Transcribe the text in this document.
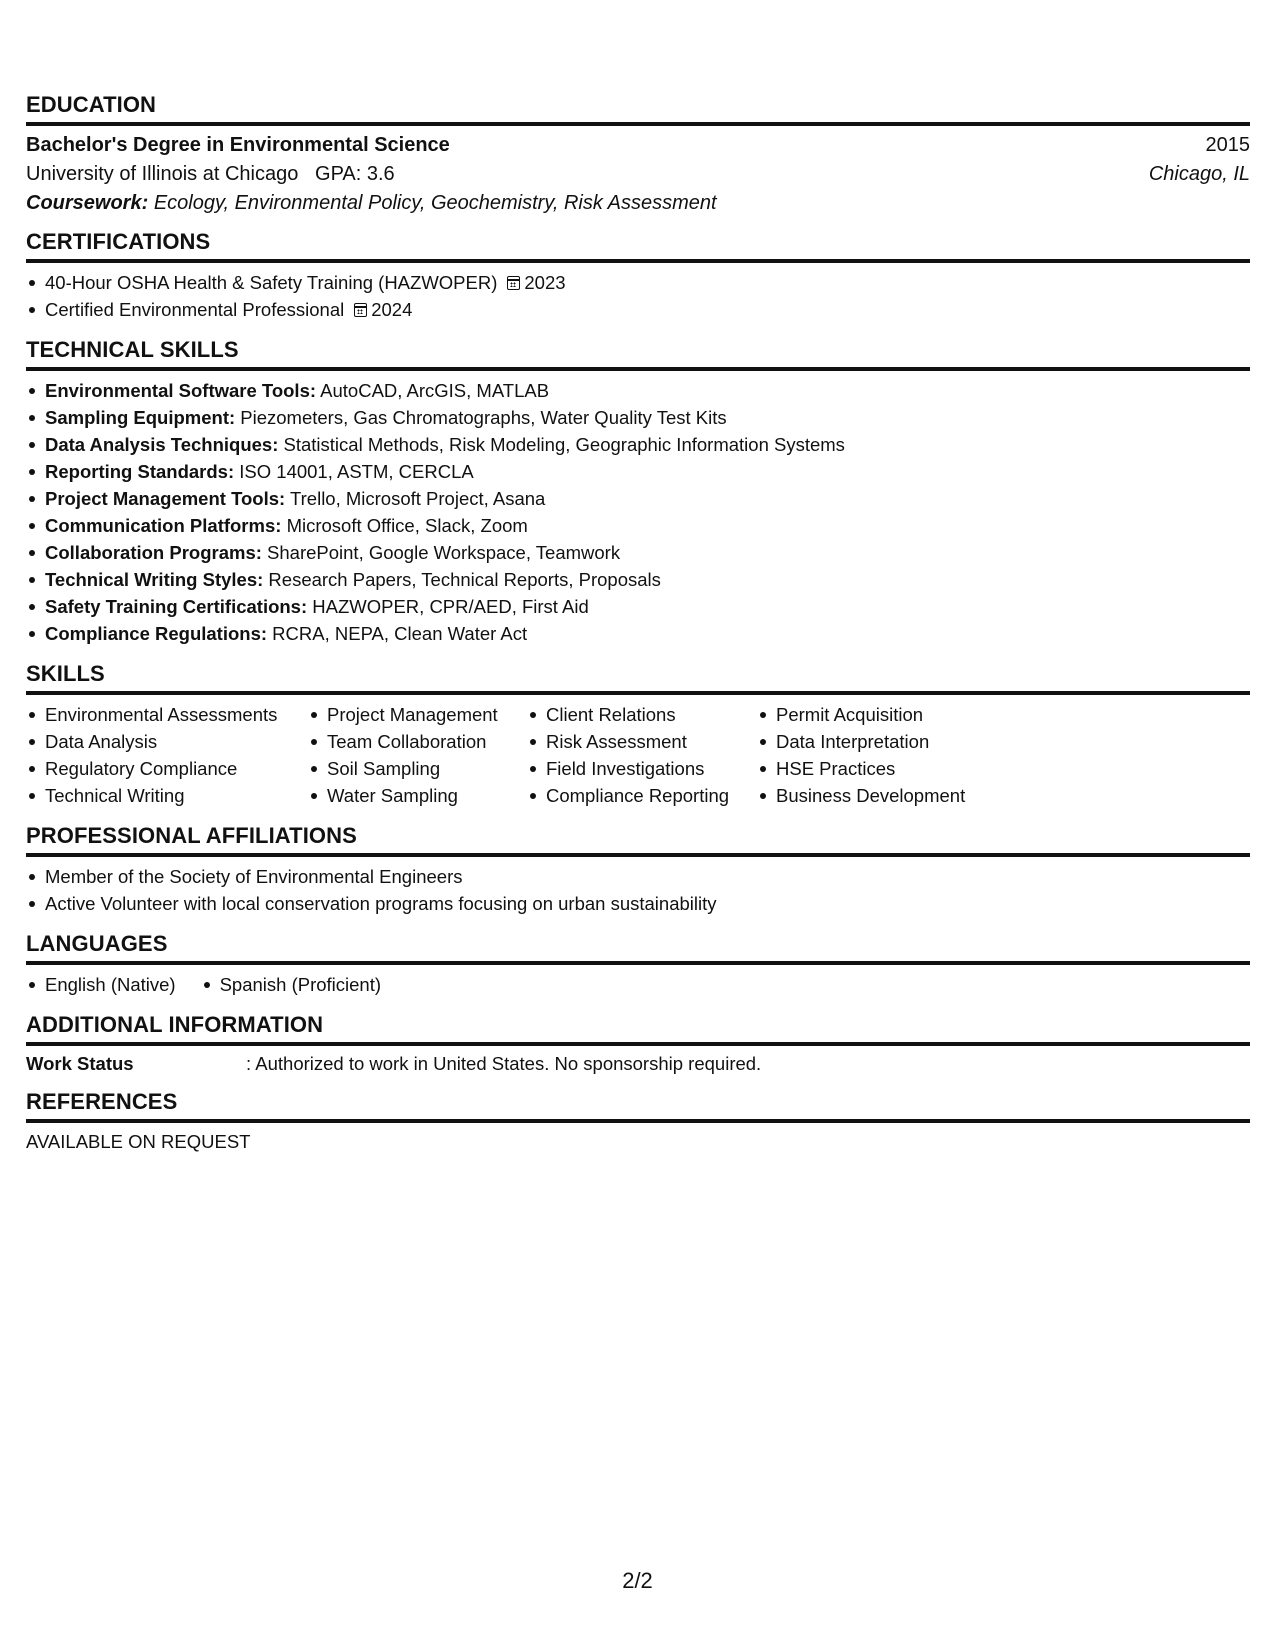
EDUCATION
Bachelor's Degree in Environmental Science	2015
University of Illinois at Chicago GPA: 3.6	Chicago, IL
Coursework: Ecology, Environmental Policy, Geochemistry, Risk Assessment
CERTIFICATIONS
40-Hour OSHA Health & Safety Training (HAZWOPER) 2023
Certified Environmental Professional 2024
TECHNICAL SKILLS
Environmental Software Tools: AutoCAD, ArcGIS, MATLAB
Sampling Equipment: Piezometers, Gas Chromatographs, Water Quality Test Kits
Data Analysis Techniques: Statistical Methods, Risk Modeling, Geographic Information Systems
Reporting Standards: ISO 14001, ASTM, CERCLA
Project Management Tools: Trello, Microsoft Project, Asana
Communication Platforms: Microsoft Office, Slack, Zoom
Collaboration Programs: SharePoint, Google Workspace, Teamwork
Technical Writing Styles: Research Papers, Technical Reports, Proposals
Safety Training Certifications: HAZWOPER, CPR/AED, First Aid
Compliance Regulations: RCRA, NEPA, Clean Water Act
SKILLS
Environmental Assessments
Data Analysis
Regulatory Compliance
Technical Writing
Project Management
Team Collaboration
Soil Sampling
Water Sampling
Client Relations
Risk Assessment
Field Investigations
Compliance Reporting
Permit Acquisition
Data Interpretation
HSE Practices
Business Development
PROFESSIONAL AFFILIATIONS
Member of the Society of Environmental Engineers
Active Volunteer with local conservation programs focusing on urban sustainability
LANGUAGES
English (Native)	Spanish (Proficient)
ADDITIONAL INFORMATION
Work Status	: Authorized to work in United States. No sponsorship required.
REFERENCES
AVAILABLE ON REQUEST
2/2
